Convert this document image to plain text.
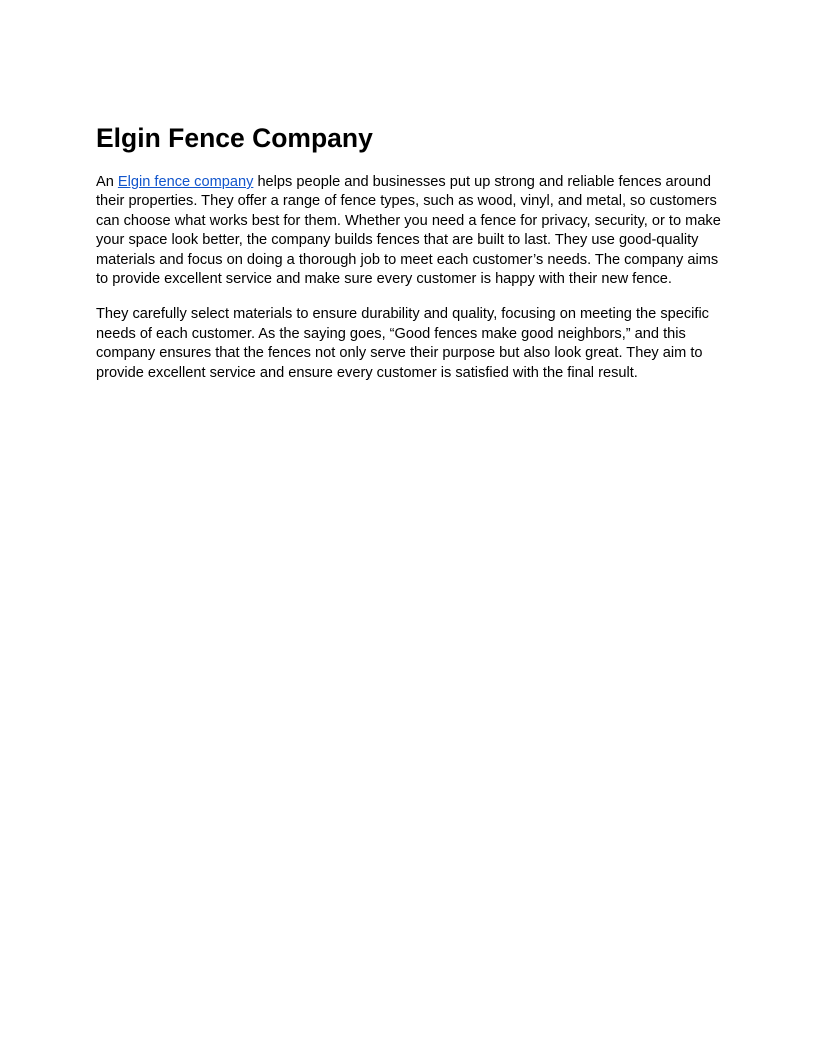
Elgin Fence Company

An Elgin fence company helps people and businesses put up strong and reliable fences around their properties. They offer a range of fence types, such as wood, vinyl, and metal, so customers can choose what works best for them. Whether you need a fence for privacy, security, or to make your space look better, the company builds fences that are built to last. They use good-quality materials and focus on doing a thorough job to meet each customer’s needs. The company aims to provide excellent service and make sure every customer is happy with their new fence.

They carefully select materials to ensure durability and quality, focusing on meeting the specific needs of each customer. As the saying goes, “Good fences make good neighbors,” and this company ensures that the fences not only serve their purpose but also look great. They aim to provide excellent service and ensure every customer is satisfied with the final result.
